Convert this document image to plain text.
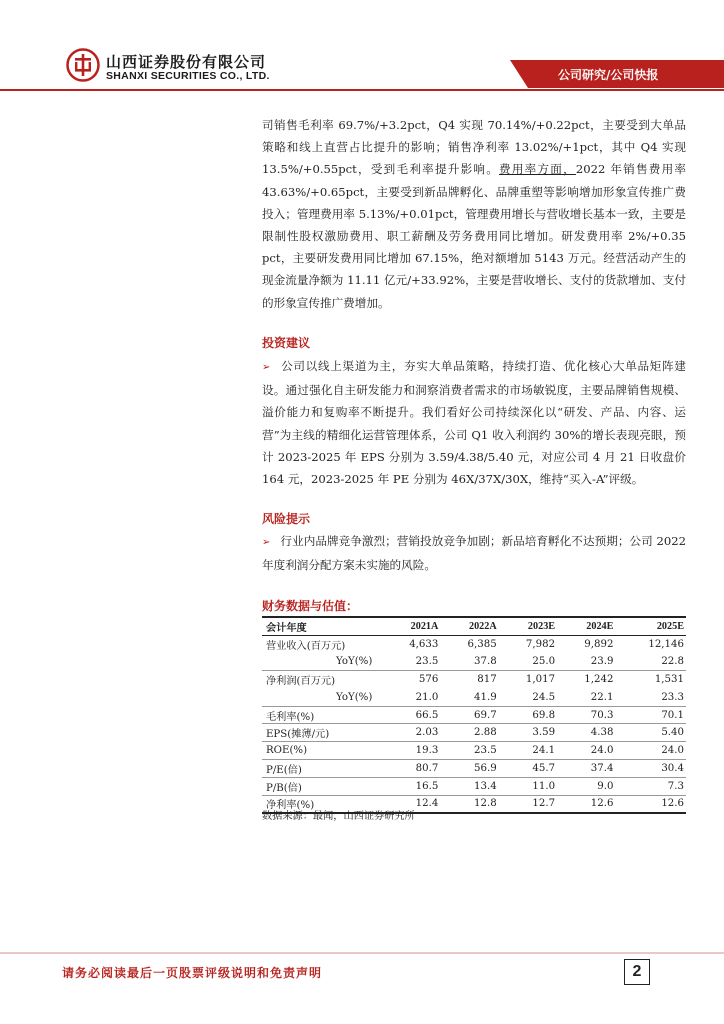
山西证券股份有限公司
SHANXI SECURITIES CO., LTD.	公司研究/公司快报

司销售毛利率 69.7%/+3.2pct，Q4 实现 70.14%/+0.22pct，主要受到大单品策略和线上直营占比提升的影响；销售净利率 13.02%/+1pct，其中 Q4 实现 13.5%/+0.55pct，受到毛利率提升影响。费用率方面，2022 年销售费用率 43.63%/+0.65pct，主要受到新品牌孵化、品牌重塑等影响增加形象宣传推广费投入；管理费用率 5.13%/+0.01pct，管理费用增长与营收增长基本一致，主要是限制性股权激励费用、职工薪酬及劳务费用同比增加。研发费用率 2%/+0.35 pct，主要研发费用同比增加 67.15%，绝对额增加 5143 万元。经营活动产生的现金流量净额为 11.11 亿元/+33.92%，主要是营收增长、支付的货款增加、支付的形象宣传推广费增加。

投资建议

➢ 公司以线上渠道为主，夯实大单品策略，持续打造、优化核心大单品矩阵建设。通过强化自主研发能力和洞察消费者需求的市场敏锐度，主要品牌销售规模、溢价能力和复购率不断提升。我们看好公司持续深化以“研发、产品、内容、运营”为主线的精细化运营管理体系，公司 Q1 收入利润约 30%的增长表现亮眼，预计 2023-2025 年 EPS 分别为 3.59/4.38/5.40 元，对应公司 4 月 21 日收盘价 164 元，2023-2025 年 PE 分别为 46X/37X/30X，维持“买入-A”评级。

风险提示

➢ 行业内品牌竞争激烈；营销投放竞争加剧；新品培育孵化不达预期；公司 2022 年度利润分配方案未实施的风险。

财务数据与估值：
会计年度	2021A	2022A	2023E	2024E	2025E
营业收入(百万元)	4,633	6,385	7,982	9,892	12,146
YoY(%)	23.5	37.8	25.0	23.9	22.8
净利润(百万元)	576	817	1,017	1,242	1,531
YoY(%)	21.0	41.9	24.5	22.1	23.3
毛利率(%)	66.5	69.7	69.8	70.3	70.1
EPS(摊薄/元)	2.03	2.88	3.59	4.38	5.40
ROE(%)	19.3	23.5	24.1	24.0	24.0
P/E(倍)	80.7	56.9	45.7	37.4	30.4
P/B(倍)	16.5	13.4	11.0	9.0	7.3
净利率(%)	12.4	12.8	12.7	12.6	12.6
数据来源：最闻，山西证券研究所
请务必阅读最后一页股票评级说明和免责声明	2
